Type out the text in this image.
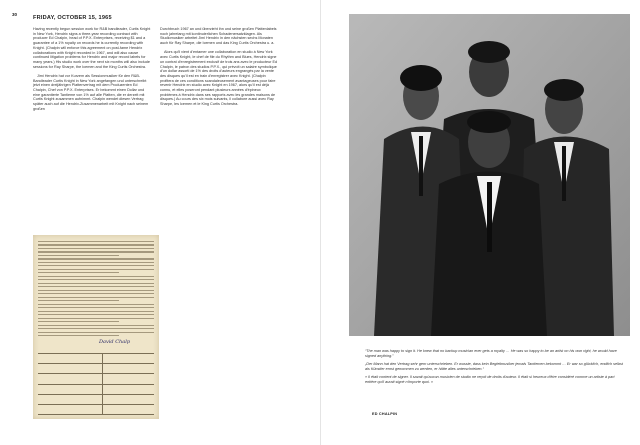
30
FRIDAY, OCTOBER 15, 1965

Having recently begun session work for R&B bandleader, Curtis Knight in New York, Hendrix signs a three-year recording contract with producer Ed Chalpin, head of P.P.X. Enterprises, receiving $1 and a guarantee of a 1% royalty on records he is currently recording with Knight. (Chalpin will enforce this agreement on post-fame Hendrix collaborations with Knight recorded in 1967, and will also cause continued litigation problems for Hendrix and major record labels for many years.) His studio work over the next six months will also include sessions for Ray Sharpe, the Icemen and the King Curtis Orchestra.

Jimi Hendrix hat vor Kurzem als Sessionmusiker für den R&B-Bandleader Curtis Knight in New York angefangen und unterschreibt jetzt einen dreijährigen Plattenvertrag mit dem Produzenten Ed Chalpin, Chef von P.P.X. Enterprises. Er bekommt einen Dollar und eine garantierte Tantieme von 1% auf alle Platten, die er derzeit mit Curtis Knight zusammen aufnimmt. Chalpin wendet diesen Vertrag später auch auf die Hendrix-Zusammenarbeit mit Knight nach seinem großen

Durchbruch 1967 an und überzieht ihn und seine großen Plattenlabels noch jahrelang mit kontinuierlichen Schadenersatzklagen. Als Studiomusiker arbeitet Jimi Hendrix in den nächsten sechs Monaten auch für Ray Sharpe, die Icemen und das King Curtis Orchestra u. a.

Alors qu'il vient d'entamer une collaboration en studio à New York avec Curtis Knight, le chef de file du Rhythm and Blues, Hendrix signe un contrat d'enregistrement exclusif de trois ans avec le producteur Ed Chalpin, le patron des studios P.P.X., qui prévoit un salaire symbolique d'un dollar assorti de 1% des droits d'auteurs engrangés par la vente des disques qu'il est en train d'enregistrer avec Knight. (Chalpin profitera de ces conditions scandaleusement avantageuses pour faire revenir Hendrix en studio avec Knight en 1967, alors qu'il est déjà connu, et elles poseront pendant plusieurs années d'épineux problèmes à Hendrix dans ses rapports avec les grandes maisons de disques.) Au cours des six mois suivants, il collabore aussi avec Ray Sharpe, les Icemen et le King Curtis Orchestra.

David Chalp

“The man was happy to sign it. He knew that no backup musician ever gets a royalty … He was so happy to be an artist on his own right, he would have signed anything.”

„Der Mann hat den Vertrag sehr gern unterschrieben. Er wusste, dass kein Begleitmusiker jemals Tantiemen bekommt … Er war so glücklich, endlich selbst als Künstler ernst genommen zu werden, er hätte alles unterschrieben.“

« Il était content de signer. Il savait qu'aucun musicien de studio ne reçoit de droits d'auteur. Il était si heureux d'être considéré comme un artiste à part entière qu'il aurait signé n'importe quoi. »

ED CHALPIN
